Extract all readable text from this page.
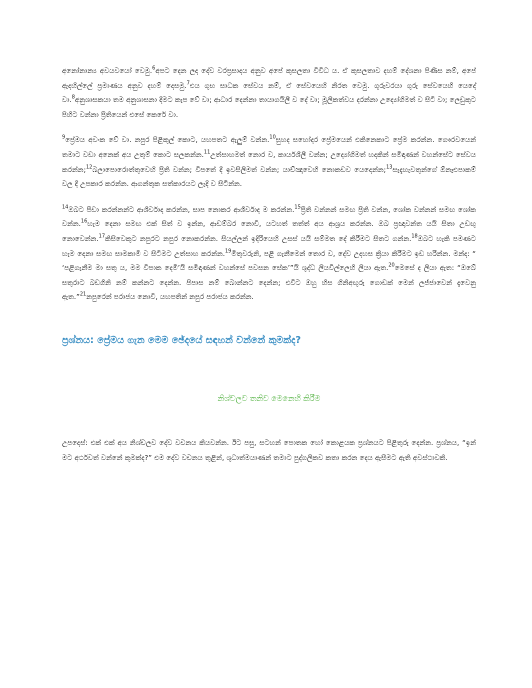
අනෝනාන්‍ය අවයවයෝ වෙමු.$^6$අපට දෙන ලද දේව වරප්‍රසාදය අනුව අපේ කුසලතා විවිධ ය. ඒ කුසලතාව දහම් දේශනා පිණිස නම්, අපේ ඇදහිල්ලේ ප්‍රමාණය අනුව දහම් දෙසමු.$^7$එය ගුභ සාධක සේවය නම්, ඒ සේවයෙහි නිරත වෙමු. ගුරුවරයා ගුරු සේවයෙහි යෙදේ වා.$^8$අනුශාසකයා තම අනුශාසනා දීමට කැප වේ වා; ආධාර දෙන්නා තායාගයිලී ව දේ වා; මූලිකත්වය දරන්නා උද්‍යෝගිමත් ව සිටී වා; ලෙඩුකුට පිහිට වන්නා ප්‍රීතියෙන් එසේ කෙරේ වා.

$^9$ප්‍රේමය අවංක වේ වා. නපුර පිළිකුල් කොට, යහපතට ඇලුම් වන්න.$^{10}$සුහද සහෝදර ප්‍රේමයෙන් එකිනෙකාට ප්‍රේම කරන්න. ගෞරවයෙන් තමාට වඩා අනෙක් අය උතුම් කොට සලකන්න.$^{11}$උත්සාහමත් නොර ව, කාර්යශීලී වන්න; උද්‍යෝගිමත් හදකින් සමිඳාණන් වහන්සේට සේවය කරන්න;$^{12}$බලාපොරොත්තුවෙහි ප්‍රීති වන්න; විපතේ දී ඉවසිලිමත් වන්න; යාච්ඤාවෙහි නොකඩව යෙදෙන්න;$^{13}$සැදැහැවතුන්ගේ ඕනෑඑපාකම් වල දී උපකාර කරන්න. ආගන්තුක සත්කාරයට ලැදි ව සිටින්න.

$^{14}$ඔබට පීඩා කරන්නන්ට ආශීර්වාද කරන්න, සාප නොකර ආශීර්වාද ම කරන්න.$^{15}$ප්‍රීති වන්නන් සමඟ ප්‍රීති වන්න, ශෝක වන්නන් සමඟ ශෝක වන්න.$^{16}$හැම දෙනා සමඟ එක් සිත් ව ඉන්න, ආඩම්බර නොවී, යටහත් තත්ත් අය ආශ්‍රය කරන්න. ඔබ ප්‍රඥාවන්ත යයි සිතා උඩඟු නොවෙන්න.$^{17}$කිසිවෙකුට නපුරට නපුර නොකරන්න. සියල්ලන් ඉදිරියෙහි උසස් යයි සම්මත දේ කිරීමට සිතට ගන්න.$^{18}$ඔබට හැකි පමණට හැම දෙනා සමඟ සාමකාමී ව සිටීමට උත්සාහ කරන්න.$^{19}$මිතුවරුනි, පළි ගැනීමෙන් තොර ව, දේව උදහස ක්‍රියා කිරීමට ඉඩ හරින්න. මන්ද: “ ‘පළිගැනීම මා සතු ය, මම විපාක දෙමි’යි සමිඳාණන් වහන්සේ පවසන සේක’”යි ශුද්ධ ලියවිල්ලෙහි ලියා ඇත.$^{20}$මෙසේ ද ලියා ඇත: “ඔබේ සතුරාට බඩගිනි නම් කන්නට දෙන්න. පිපාස නම් බොන්නට දෙන්න; එවිට ඔහු හිස ගිනිඅඟුරු ගොඩක් මෙන් ලජ්ජාවෙන් දැවෙනු ඇත.”$^{21}$නපුරෙන් පරාජය නොවී, යහපතින් නපුර පරාජය කරන්න.

ප්‍රශ්නය: ප්‍රේමය ගැන මෙම ඡේදයේ සඳහන් වන්නේ කුමක්ද?

නිශ්චලව තනිව මෙනෙහි කිරීම

උපදෙස්: එක් එක් අය නිශ්චලව දේව වචනය කියවන්න. ඊට පසු, සටහන් පොතක හෝ කොළයක ප්‍රශ්නයට පිළිතුරු දෙන්න. ප්‍රශ්නය, “ඉන් මට අර්ථවත් වන්නේ කුමක්ද?” එම දේව වචනය තුළින්, ශුධාත්මයාණන් තමාට පුද්ගලිකව කතා කරන දෙය ඇසීමට ඇති අවස්ථාවකි.
